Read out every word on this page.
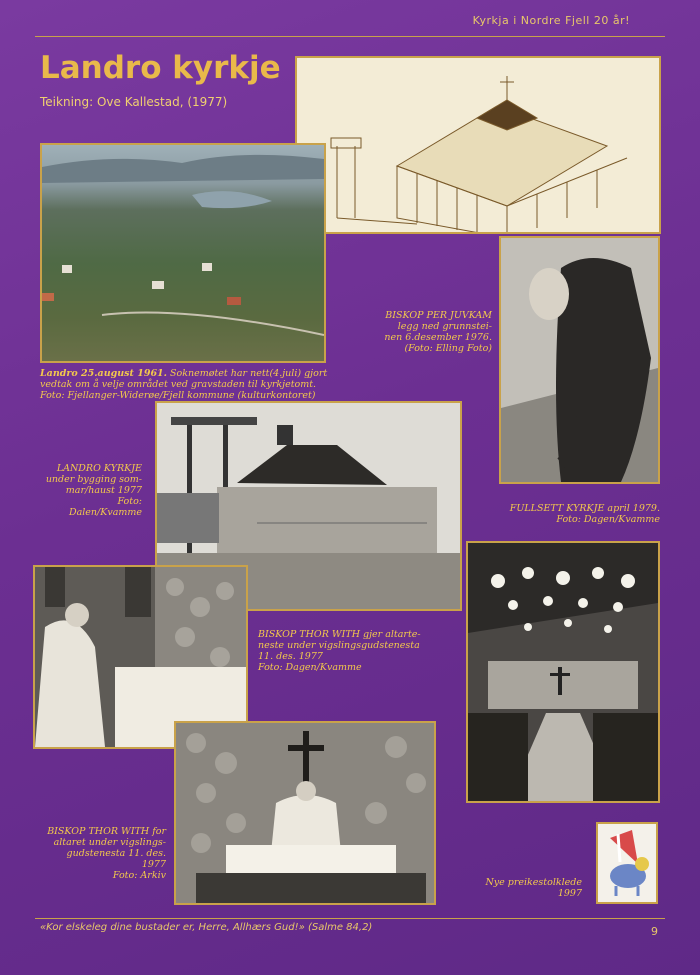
Kyrkja i Nordre Fjell 20 år!
Landro kyrkje
Teikning: Ove Kallestad, (1977)
Landro 25.august 1961. Soknemøtet har nett(4.juli) gjort vedtak om å velje området ved gravstaden til kyrkjetomt. Foto: Fjellanger-Widerøe/Fjell kommune (kulturkontoret)
BISKOP PER JUVKAM
legg ned grunnstei-
nen 6.desember 1976.
(Foto: Elling Foto)
LANDRO KYRKJE
under bygging som-
mar/haust 1977
Foto: Dalen/Kvamme	FULLSETT KYRKJE april 1979.
Foto: Dagen/Kvamme
BISKOP THOR WITH gjer altarte-
neste under vigslingsgudstenesta
11. des. 1977
Foto: Dagen/Kvamme
BISKOP THOR WITH for
altaret under vigslings-
gudstenesta 11. des.
1977
Foto: Arkiv
Nye preikestolklede
1997
«Kor elskeleg dine bustader er, Herre, Allhærs Gud!» (Salme 84,2)	9
